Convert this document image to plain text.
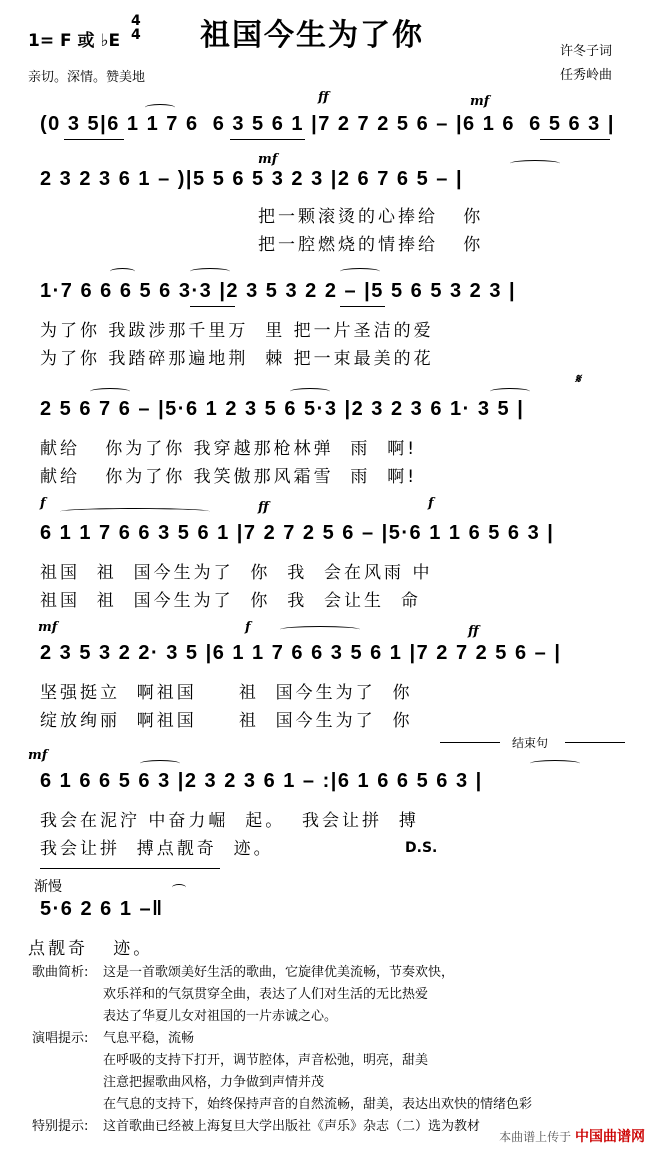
1= F 或 ♭E
4
4 祖国今生为了你	许冬子词
任秀岭曲
亲切。深情。赞美地
ff	mf
(0 3 5|6 1 1 7 6  6 3 5 6 1 |7 2 7 2 5 6 – |6 1 6  6 5 6 3 |
mf
2 3 2 3 6 1 – )|5 5 6 5 3 2 3 |2 6 7 6 5 – |
把一颗滚烫的心捧给   你
把一腔燃烧的情捧给   你
1·7 6 6 6 5 6 3·3 |2 3 5 3 2 2 – |5 5 6 5 3 2 3 |
为了你 我跋涉那千里万  里 把一片圣洁的爱
为了你 我踏碎那遍地荆  棘 把一束最美的花
𝄋
2 5 6 7 6 – |5·6 1 2 3 5 6 5·3 |2 3 2 3 6 1· 3 5 |
献给   你为了你 我穿越那枪林弹  雨  啊!
献给   你为了你 我笑傲那风霜雪  雨  啊!
f	ff	f
6 1 1 7 6 6 3 5 6 1 |7 2 7 2 5 6 – |5·6 1 1 6 5 6 3 |
祖国  祖  国今生为了  你  我  会在风雨 中
祖国  祖  国今生为了  你  我  会让生  命
mf	f	ff
2 3 5 3 2 2· 3 5 |6 1 1 7 6 6 3 5 6 1 |7 2 7 2 5 6 – |
坚强挺立  啊祖国     祖  国今生为了  你
绽放绚丽  啊祖国     祖  国今生为了  你
结束句
mf
6 1 6 6 5 6 3 |2 3 2 3 6 1 – :|6 1 6 6 5 6 3 |
我会在泥泞 中奋力崛  起。  我会让拼  搏
我会让拼  搏点靓奇  迹。	D.S.
渐慢
5·6 2 6 1 –‖
点靓奇   迹。
歌曲简析: 这是一首歌颂美好生活的歌曲，它旋律优美流畅，节奏欢快，
欢乐祥和的气氛贯穿全曲，表达了人们对生活的无比热爱
表达了华夏儿女对祖国的一片赤诚之心。
演唱提示: 气息平稳，流畅
在呼吸的支持下打开，调节腔体，声音松弛，明亮，甜美
注意把握歌曲风格，力争做到声情并茂
在气息的支持下，始终保持声音的自然流畅，甜美，表达出欢快的情绪色彩
特别提示: 这首歌曲已经被上海复旦大学出版社《声乐》杂志（二）选为教材
本曲谱上传于 中国曲谱网
